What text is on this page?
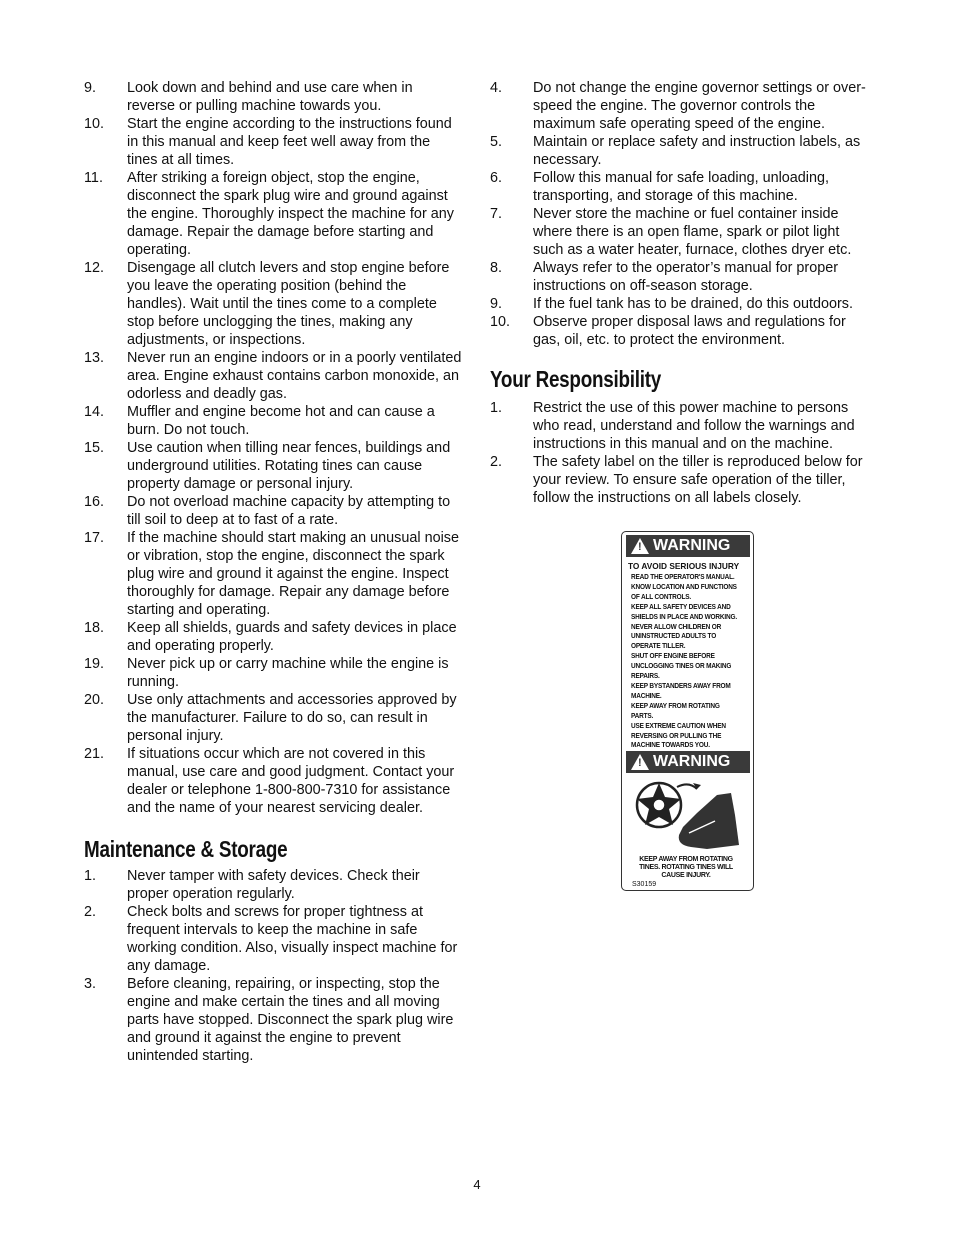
9.	Look down and behind and use care when in reverse or pulling machine towards you.
10.	Start the engine according to the instructions found in this manual and keep feet well away from the tines at all times.
11.	After striking a foreign object, stop the engine, disconnect the spark plug wire and ground against the engine. Thoroughly inspect the machine for any damage. Repair the damage before starting and operating.
12.	Disengage all clutch levers and stop engine before you leave the operating position (behind the handles). Wait until the tines come to a complete stop before unclogging the tines, making any adjustments, or inspections.
13.	Never run an engine indoors or in a poorly ventilated area. Engine exhaust contains carbon monoxide, an odorless and deadly gas.
14.	Muffler and engine become hot and can cause a burn. Do not touch.
15.	Use caution when tilling near fences, buildings and underground utilities. Rotating tines can cause property damage or personal injury.
16.	Do not overload machine capacity by attempting to till soil to deep at to fast of a rate.
17.	If the machine should start making an unusual noise or vibration, stop the engine, disconnect the spark plug wire and ground it against the engine. Inspect thoroughly for damage. Repair any damage before starting and operating.
18.	Keep all shields, guards and safety devices in place and operating properly.
19.	Never pick up or carry machine while the engine is running.
20.	Use only attachments and accessories approved by the manufacturer. Failure to do so, can result in personal injury.
21.	If situations occur which are not covered in this manual, use care and good judgment. Contact your dealer or telephone 1-800-800-7310 for assistance and the name of your nearest servicing dealer.
Maintenance & Storage
1.	Never tamper with safety devices. Check their proper operation regularly.
2.	Check bolts and screws for proper tightness at frequent intervals to keep the machine in safe working condition. Also, visually inspect machine for any damage.
3.	Before cleaning, repairing, or inspecting, stop the engine and make certain the tines and all moving parts have stopped. Disconnect the spark plug wire and ground it against the engine to prevent unintended starting.
4.	Do not change the engine governor settings or over-speed the engine. The governor controls the maximum safe operating speed of the engine.
5.	Maintain or replace safety and instruction labels, as necessary.
6.	Follow this manual for safe loading, unloading, transporting, and storage of this machine.
7.	Never store the machine or fuel container inside where there is an open flame, spark or pilot light such as a water heater, furnace, clothes dryer etc.
8.	Always refer to the operator’s manual for proper instructions on off-season storage.
9.	If the fuel tank has to be drained, do this outdoors.
10.	Observe proper disposal laws and regulations for gas, oil, etc. to protect the environment.
Your Responsibility
1.	Restrict the use of this power machine to persons who read, understand and follow the warnings and instructions in this manual and on the machine.
2.	The safety label on the tiller is reproduced below for your review. To ensure safe operation of the tiller, follow the instructions on all labels closely.
! WARNING
TO AVOID SERIOUS INJURY
READ THE OPERATOR'S MANUAL.
KNOW LOCATION AND FUNCTIONS OF ALL CONTROLS.
KEEP ALL SAFETY DEVICES AND SHIELDS IN PLACE AND WORKING.
NEVER ALLOW CHILDREN OR UNINSTRUCTED ADULTS TO OPERATE TILLER.
SHUT OFF ENGINE BEFORE UNCLOGGING TINES OR MAKING REPAIRS.
KEEP BYSTANDERS AWAY FROM MACHINE.
KEEP AWAY FROM ROTATING PARTS.
USE EXTREME CAUTION WHEN REVERSING OR PULLING THE MACHINE TOWARDS YOU.
! WARNING
KEEP AWAY FROM ROTATING TINES. ROTATING TINES WILL CAUSE INJURY.
S30159
4
